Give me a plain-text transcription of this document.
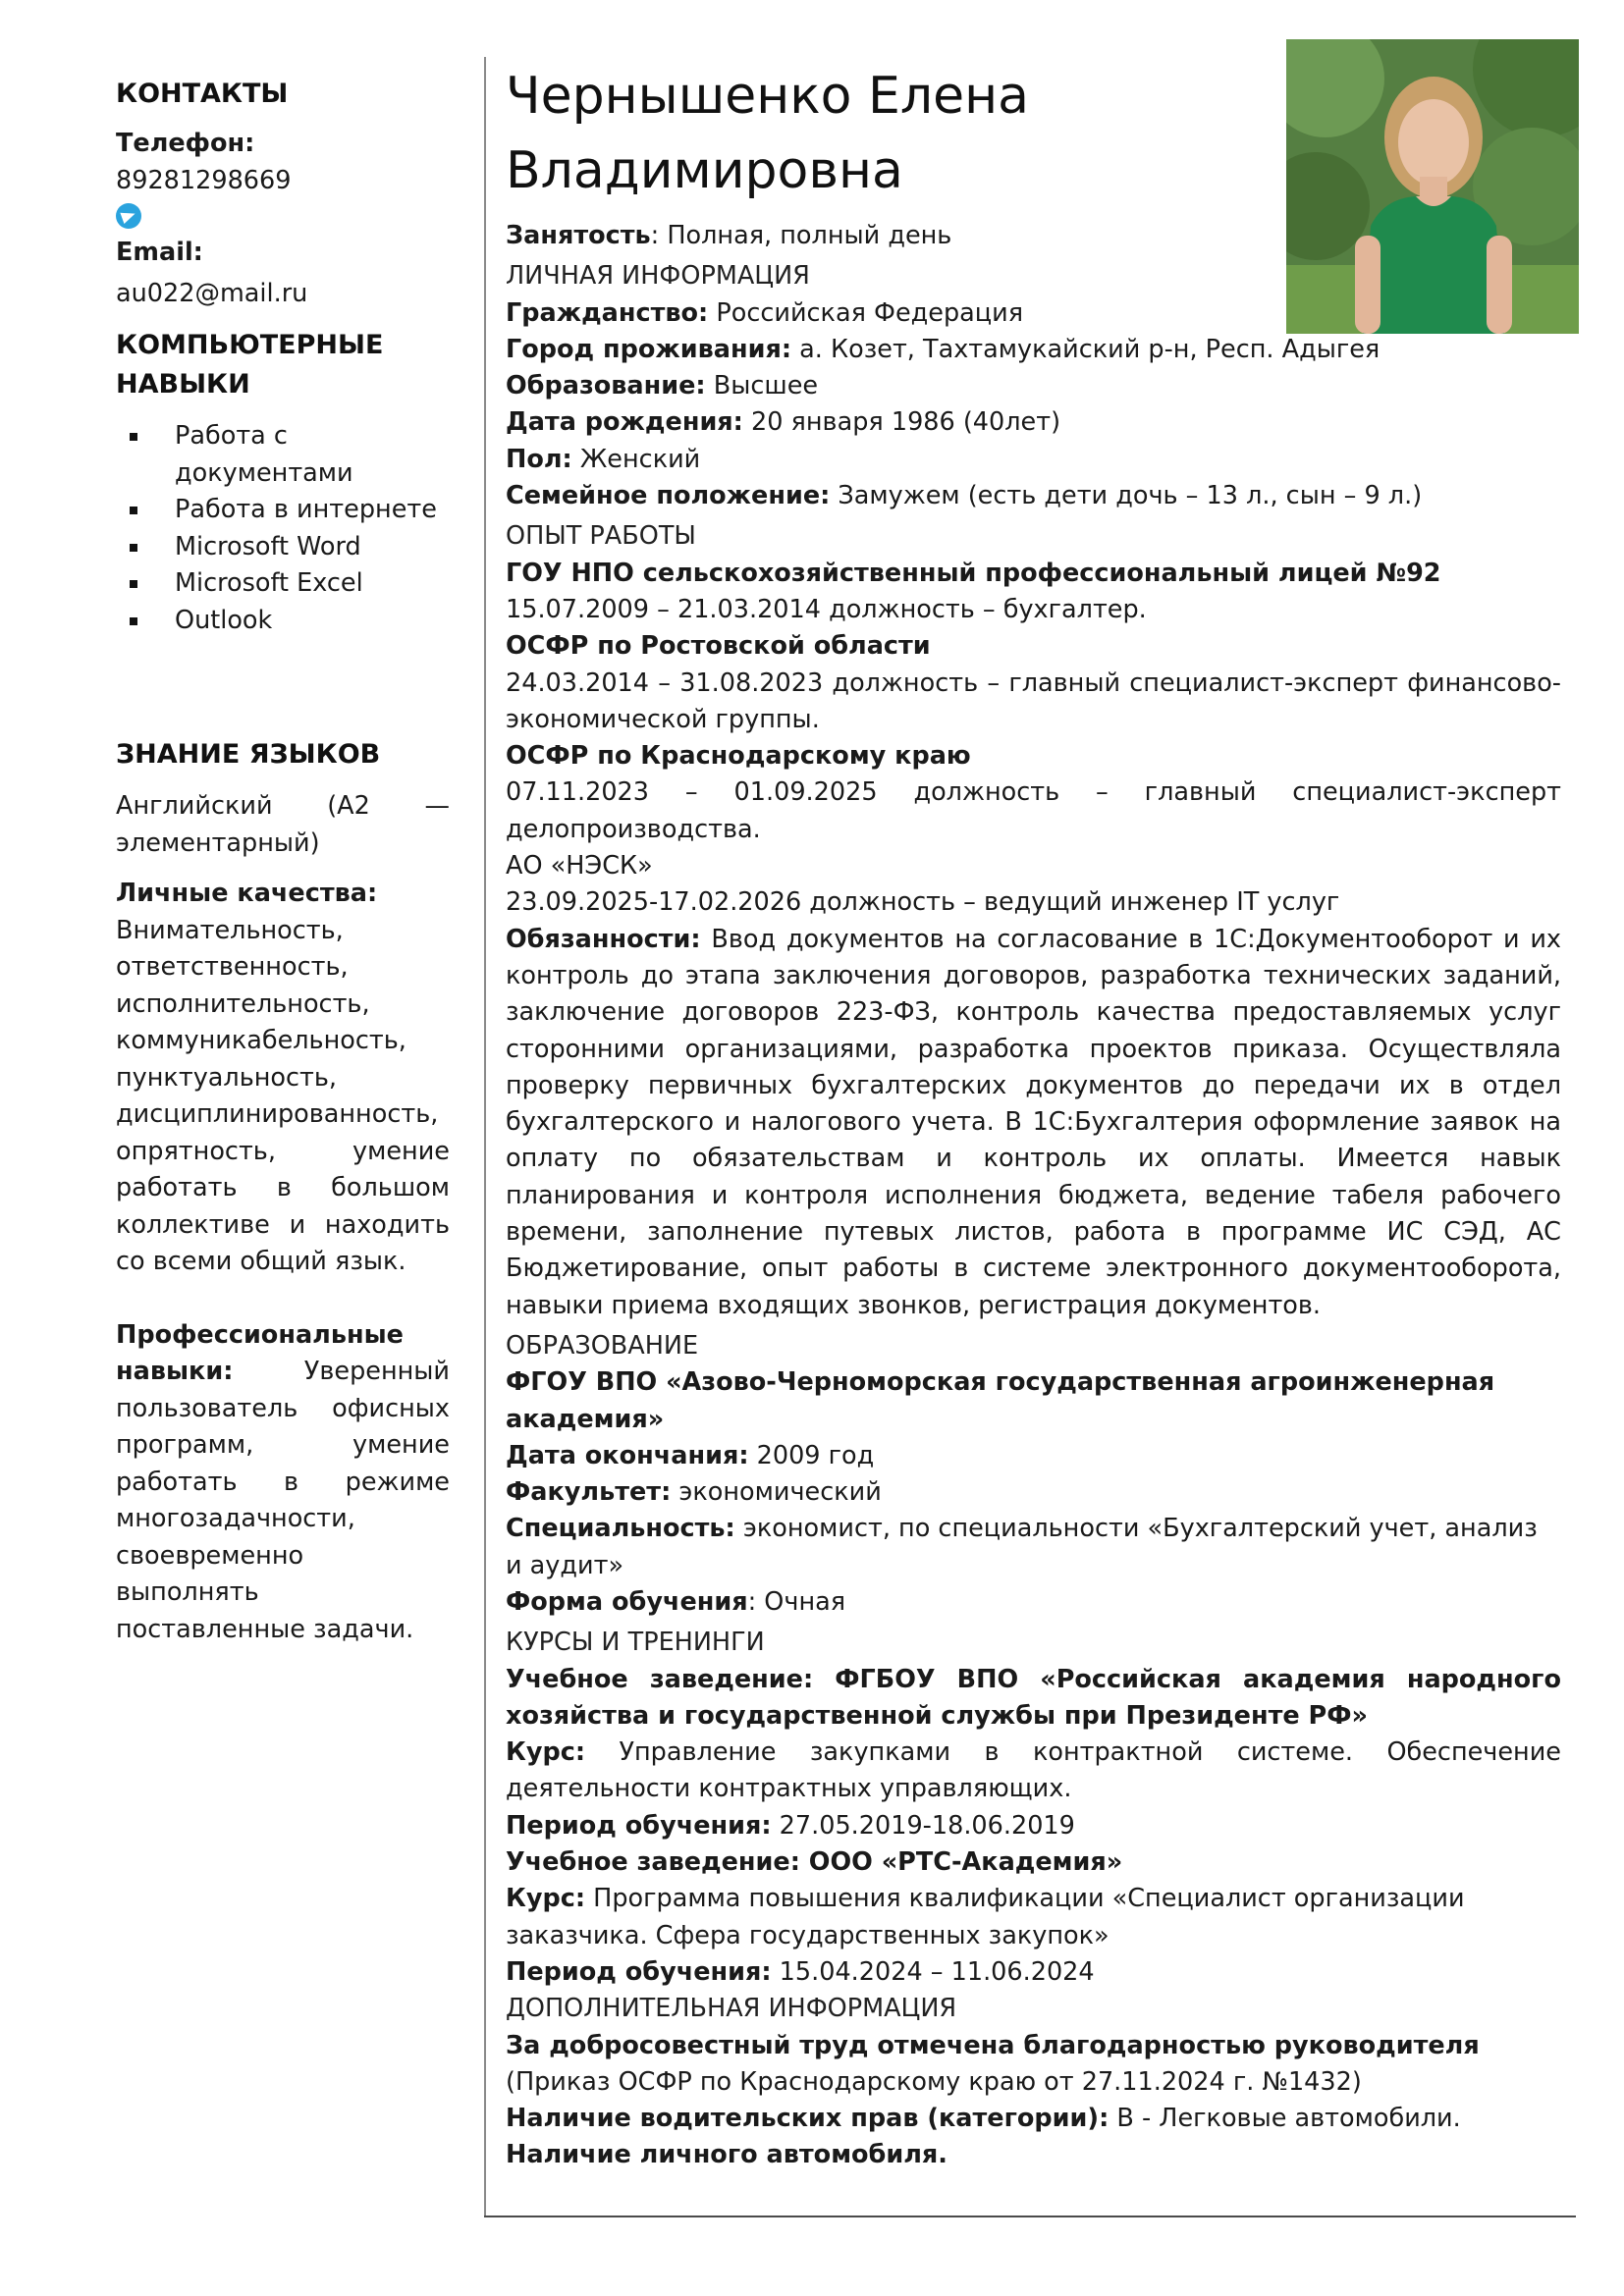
КОНТАКТЫ
Телефон:
89281298669
Email:
au022@mail.ru
КОМПЬЮТЕРНЫЕ
НАВЫКИ
Работа с документами
Работа в интернете
Microsoft Word
Microsoft Excel
Outlook
ЗНАНИЕ ЯЗЫКОВ
Английский (A2 — элементарный)
Личные качества:
Внимательность, ответственность, исполнительность, коммуникабельность, пунктуальность, дисциплинированность, опрятность, умение работать в большом коллективе и находить со всеми общий язык.
Профессиональные навыки: Уверенный пользователь офисных программ, умение работать в режиме многозадачности, своевременно выполнять поставленные задачи.
Чернышенко Елена
Владимировна
Занятость: Полная, полный день
ЛИЧНАЯ ИНФОРМАЦИЯ
Гражданство: Российская Федерация
Город проживания: а. Козет, Тахтамукайский р-н, Респ. Адыгея
Образование: Высшее
Дата рождения: 20 января 1986 (40лет)
Пол: Женский
Семейное положение: Замужем (есть дети дочь – 13 л., сын – 9 л.)
ОПЫТ РАБОТЫ
ГОУ НПО сельскохозяйственный профессиональный лицей №92
15.07.2009 – 21.03.2014 должность – бухгалтер.
ОСФР по Ростовской области
24.03.2014 – 31.08.2023 должность – главный специалист-эксперт финансово-экономической группы.
ОСФР по Краснодарскому краю
07.11.2023 – 01.09.2025 должность – главный специалист-эксперт делопроизводства.
АО «НЭСК»
23.09.2025-17.02.2026 должность – ведущий инженер IT услуг
Обязанности: Ввод документов на согласование в 1С:Документооборот и их контроль до этапа заключения договоров, разработка технических заданий, заключение договоров 223-ФЗ, контроль качества предоставляемых услуг сторонними организациями, разработка проектов приказа. Осуществляла проверку первичных бухгалтерских документов до передачи их в отдел бухгалтерского и налогового учета. В 1С:Бухгалтерия оформление заявок на оплату по обязательствам и контроль их оплаты. Имеется навык планирования и контроля исполнения бюджета, ведение табеля рабочего времени, заполнение путевых листов, работа в программе ИС СЭД, АС Бюджетирование, опыт работы в системе электронного документооборота, навыки приема входящих звонков, регистрация документов.
ОБРАЗОВАНИЕ
ФГОУ ВПО «Азово-Черноморская государственная агроинженерная академия»
Дата окончания: 2009 год
Факультет: экономический
Специальность: экономист, по специальности «Бухгалтерский учет, анализ и аудит»
Форма обучения: Очная
КУРСЫ И ТРЕНИНГИ
Учебное заведение: ФГБОУ ВПО «Российская академия народного хозяйства и государственной службы при Президенте РФ»
Курс: Управление закупками в контрактной системе. Обеспечение деятельности контрактных управляющих.
Период обучения: 27.05.2019-18.06.2019
Учебное заведение: ООО «РТС-Академия»
Курс: Программа повышения квалификации «Специалист организации заказчика. Сфера государственных закупок»
Период обучения: 15.04.2024 – 11.06.2024
ДОПОЛНИТЕЛЬНАЯ ИНФОРМАЦИЯ
За добросовестный труд отмечена благодарностью руководителя (Приказ ОСФР по Краснодарскому краю от 27.11.2024 г. №1432)
Наличие водительских прав (категории): В - Легковые автомобили.
Наличие личного автомобиля.
